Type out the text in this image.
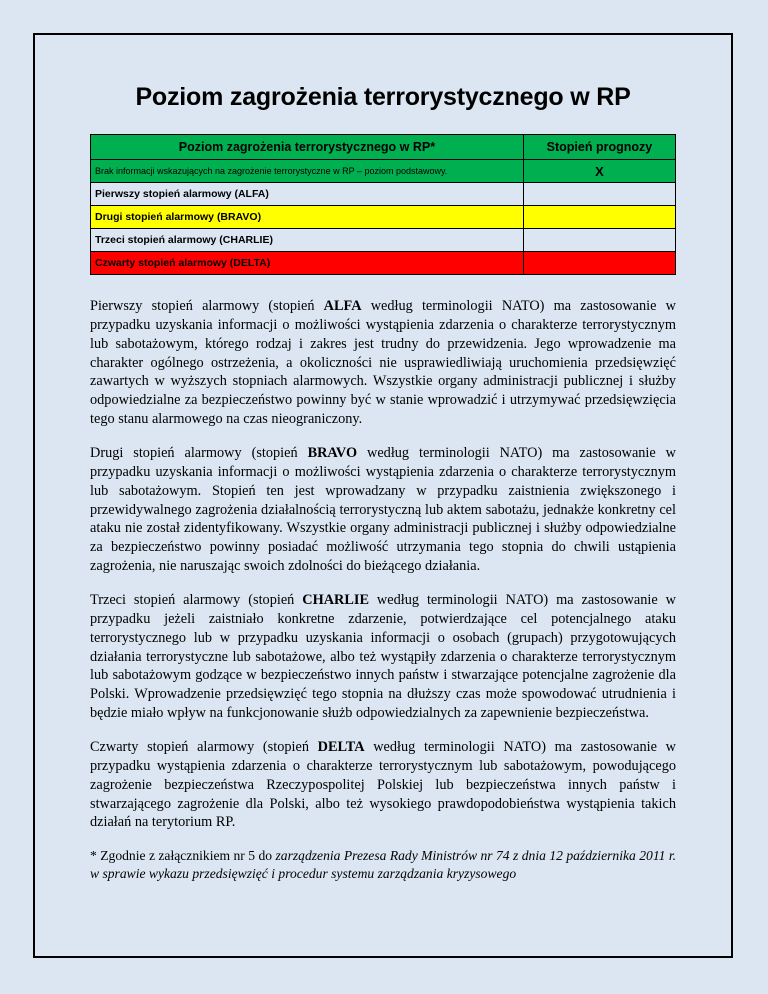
Poziom zagrożenia terrorystycznego w RP
Poziom zagrożenia terrorystycznego w RP*	Stopień prognozy
Brak informacji wskazujących na zagrożenie terrorystyczne w RP – poziom podstawowy.	X
Pierwszy stopień alarmowy (ALFA)	
Drugi stopień alarmowy (BRAVO)	
Trzeci stopień alarmowy (CHARLIE)	
Czwarty stopień alarmowy (DELTA)	

Pierwszy stopień alarmowy (stopień ALFA według terminologii NATO) ma zastosowanie w przypadku uzyskania informacji o możliwości wystąpienia zdarzenia o charakterze terrorystycznym lub sabotażowym, którego rodzaj i zakres jest trudny do przewidzenia. Jego wprowadzenie ma charakter ogólnego ostrzeżenia, a okoliczności nie usprawiedliwiają uruchomienia przedsięwzięć zawartych w wyższych stopniach alarmowych. Wszystkie organy administracji publicznej i służby odpowiedzialne za bezpieczeństwo powinny być w stanie wprowadzić i utrzymywać przedsięwzięcia tego stanu alarmowego na czas nieograniczony.

Drugi stopień alarmowy (stopień BRAVO według terminologii NATO) ma zastosowanie w przypadku uzyskania informacji o możliwości wystąpienia zdarzenia o charakterze terrorystycznym lub sabotażowym. Stopień ten jest wprowadzany w przypadku zaistnienia zwiększonego i przewidywalnego zagrożenia działalnością terrorystyczną lub aktem sabotażu, jednakże konkretny cel ataku nie został zidentyfikowany. Wszystkie organy administracji publicznej i służby odpowiedzialne za bezpieczeństwo powinny posiadać możliwość utrzymania tego stopnia do chwili ustąpienia zagrożenia, nie naruszając swoich zdolności do bieżącego działania.

Trzeci stopień alarmowy (stopień CHARLIE według terminologii NATO) ma zastosowanie w przypadku jeżeli zaistniało konkretne zdarzenie, potwierdzające cel potencjalnego ataku terrorystycznego lub w przypadku uzyskania informacji o osobach (grupach) przygotowujących działania terrorystyczne lub sabotażowe, albo też wystąpiły zdarzenia o charakterze terrorystycznym lub sabotażowym godzące w bezpieczeństwo innych państw i stwarzające potencjalne zagrożenie dla Polski. Wprowadzenie przedsięwzięć tego stopnia na dłuższy czas może spowodować utrudnienia i będzie miało wpływ na funkcjonowanie służb odpowiedzialnych za zapewnienie bezpieczeństwa.

Czwarty stopień alarmowy (stopień DELTA według terminologii NATO) ma zastosowanie w przypadku wystąpienia zdarzenia o charakterze terrorystycznym lub sabotażowym, powodującego zagrożenie bezpieczeństwa Rzeczypospolitej Polskiej lub bezpieczeństwa innych państw i stwarzającego zagrożenie dla Polski, albo też wysokiego prawdopodobieństwa wystąpienia takich działań na terytorium RP.

* Zgodnie z załącznikiem nr 5 do zarządzenia Prezesa Rady Ministrów nr 74 z dnia 12 października 2011 r. w sprawie wykazu przedsięwzięć i procedur systemu zarządzania kryzysowego
